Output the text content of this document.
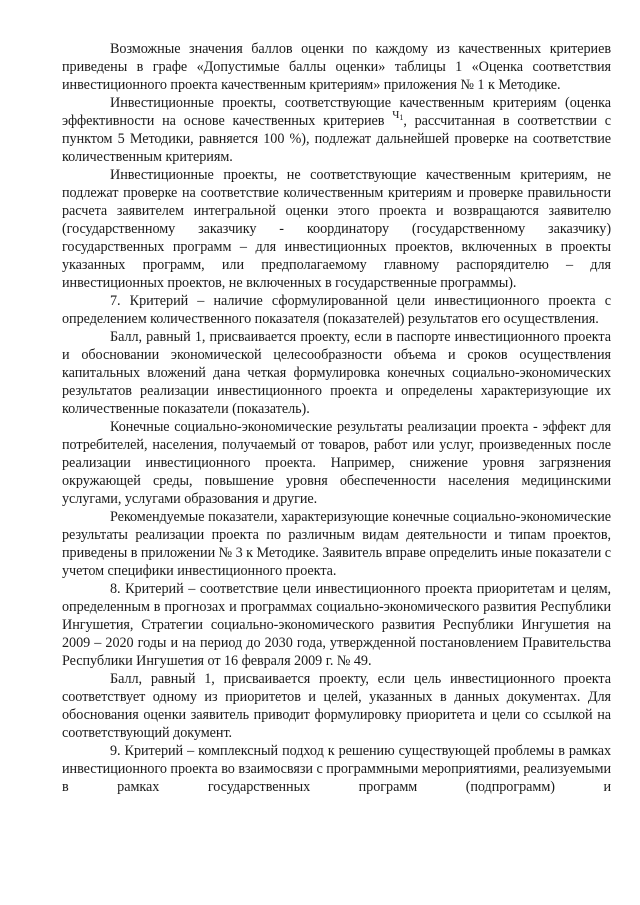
Возможные значения баллов оценки по каждому из качественных критериев приведены в графе «Допустимые баллы оценки» таблицы 1 «Оценка соответствия инвестиционного проекта качественным критериям» приложения № 1 к Методике.

Инвестиционные проекты, соответствующие качественным критериям (оценка эффективности на основе качественных критериев $Ч_1$, рассчитанная в соответствии с пунктом 5 Методики, равняется 100 %), подлежат дальнейшей проверке на соответствие количественным критериям.

Инвестиционные проекты, не соответствующие качественным критериям, не подлежат проверке на соответствие количественным критериям и проверке правильности расчета заявителем интегральной оценки этого проекта и возвращаются заявителю (государственному заказчику - координатору (государственному заказчику) государственных программ – для инвестиционных проектов, включенных в проекты указанных программ, или предполагаемому главному распорядителю – для инвестиционных проектов, не включенных в государственные программы).

7. Критерий – наличие сформулированной цели инвестиционного проекта с определением количественного показателя (показателей) результатов его осуществления.

Балл, равный 1, присваивается проекту, если в паспорте инвестиционного проекта и обосновании экономической целесообразности объема и сроков осуществления капитальных вложений дана четкая формулировка конечных социально-экономических результатов реализации инвестиционного проекта и определены характеризующие их количественные показатели (показатель).

Конечные социально-экономические результаты реализации проекта - эффект для потребителей, населения, получаемый от товаров, работ или услуг, произведенных после реализации инвестиционного проекта. Например, снижение уровня загрязнения окружающей среды, повышение уровня обеспеченности населения медицинскими услугами, услугами образования и другие.

Рекомендуемые показатели, характеризующие конечные социально-экономические результаты реализации проекта по различным видам деятельности и типам проектов, приведены в приложении № 3 к Методике. Заявитель вправе определить иные показатели с учетом специфики инвестиционного проекта.

8. Критерий – соответствие цели инвестиционного проекта приоритетам и целям, определенным в прогнозах и программах социально-экономического развития Республики Ингушетия, Стратегии социально-экономического развития Республики Ингушетия на 2009 – 2020 годы и на период до 2030 года, утвержденной постановлением Правительства Республики Ингушетия от 16 февраля 2009 г. № 49.

Балл, равный 1, присваивается проекту, если цель инвестиционного проекта соответствует одному из приоритетов и целей, указанных в данных документах. Для обоснования оценки заявитель приводит формулировку приоритета и цели со ссылкой на соответствующий документ.

9. Критерий – комплексный подход к решению существующей проблемы в рамках инвестиционного проекта во взаимосвязи с программными мероприятиями, реализуемыми в рамках государственных программ (подпрограмм) и
